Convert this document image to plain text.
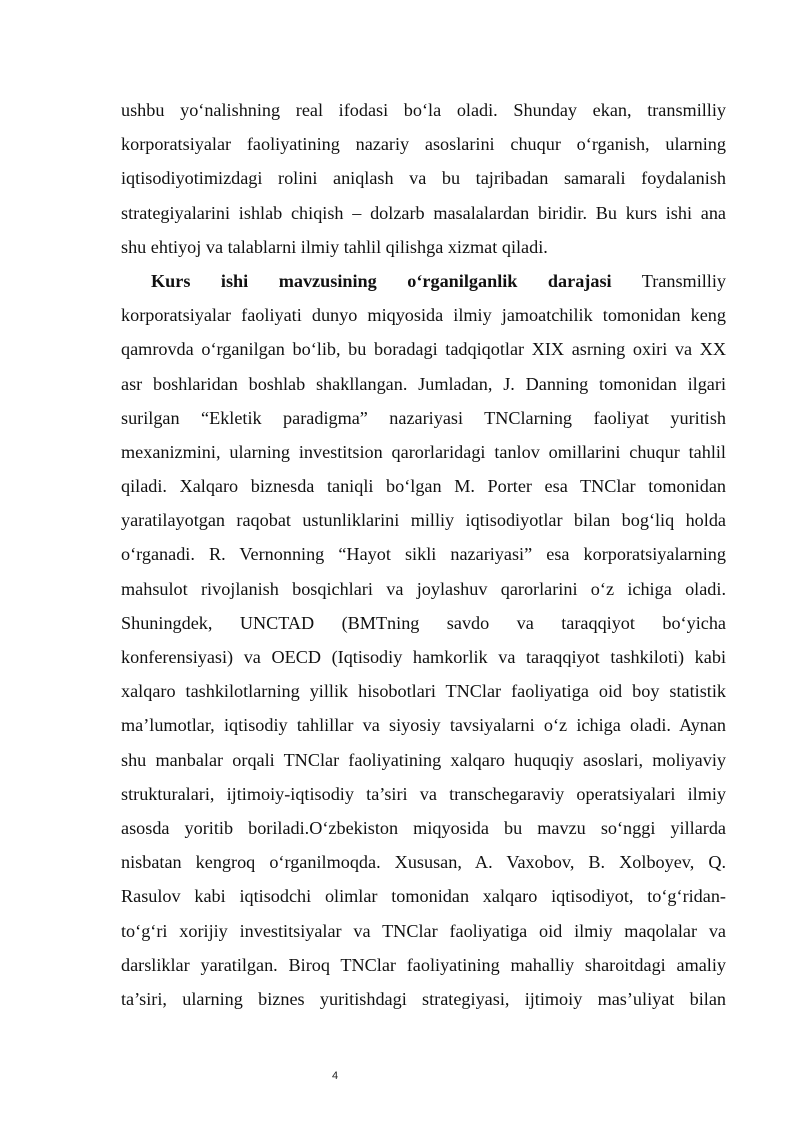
ushbu yo‘nalishning real ifodasi bo‘la oladi. Shunday ekan, transmilliy
korporatsiyalar faoliyatining nazariy asoslarini chuqur o‘rganish, ularning
iqtisodiyotimizdagi rolini aniqlash va bu tajribadan samarali foydalanish
strategiyalarini ishlab chiqish – dolzarb masalalardan biridir. Bu kurs ishi ana
shu ehtiyoj va talablarni ilmiy tahlil qilishga xizmat qiladi.
Kurs ishi mavzusining o‘rganilganlik darajasi Transmilliy
korporatsiyalar faoliyati dunyo miqyosida ilmiy jamoatchilik tomonidan keng
qamrovda o‘rganilgan bo‘lib, bu boradagi tadqiqotlar XIX asrning oxiri va XX
asr boshlaridan boshlab shakllangan. Jumladan, J. Danning tomonidan ilgari
surilgan “Ekletik paradigma” nazariyasi TNClarning faoliyat yuritish
mexanizmini, ularning investitsion qarorlaridagi tanlov omillarini chuqur tahlil
qiladi. Xalqaro biznesda taniqli bo‘lgan M. Porter esa TNClar tomonidan
yaratilayotgan raqobat ustunliklarini milliy iqtisodiyotlar bilan bog‘liq holda
o‘rganadi. R. Vernonning “Hayot sikli nazariyasi” esa korporatsiyalarning
mahsulot rivojlanish bosqichlari va joylashuv qarorlarini o‘z ichiga oladi.
Shuningdek, UNCTAD (BMTning savdo va taraqqiyot bo‘yicha
konferensiyasi) va OECD (Iqtisodiy hamkorlik va taraqqiyot tashkiloti) kabi
xalqaro tashkilotlarning yillik hisobotlari TNClar faoliyatiga oid boy statistik
ma’lumotlar, iqtisodiy tahlillar va siyosiy tavsiyalarni o‘z ichiga oladi. Aynan
shu manbalar orqali TNClar faoliyatining xalqaro huquqiy asoslari, moliyaviy
strukturalari, ijtimoiy-iqtisodiy ta’siri va transchegaraviy operatsiyalari ilmiy
asosda yoritib boriladi.O‘zbekiston miqyosida bu mavzu so‘nggi yillarda
nisbatan kengroq o‘rganilmoqda. Xususan, A. Vaxobov, B. Xolboyev, Q.
Rasulov kabi iqtisodchi olimlar tomonidan xalqaro iqtisodiyot, to‘g‘ridan-
to‘g‘ri xorijiy investitsiyalar va TNClar faoliyatiga oid ilmiy maqolalar va
darsliklar yaratilgan. Biroq TNClar faoliyatining mahalliy sharoitdagi amaliy
ta’siri, ularning biznes yuritishdagi strategiyasi, ijtimoiy mas’uliyat bilan
4
